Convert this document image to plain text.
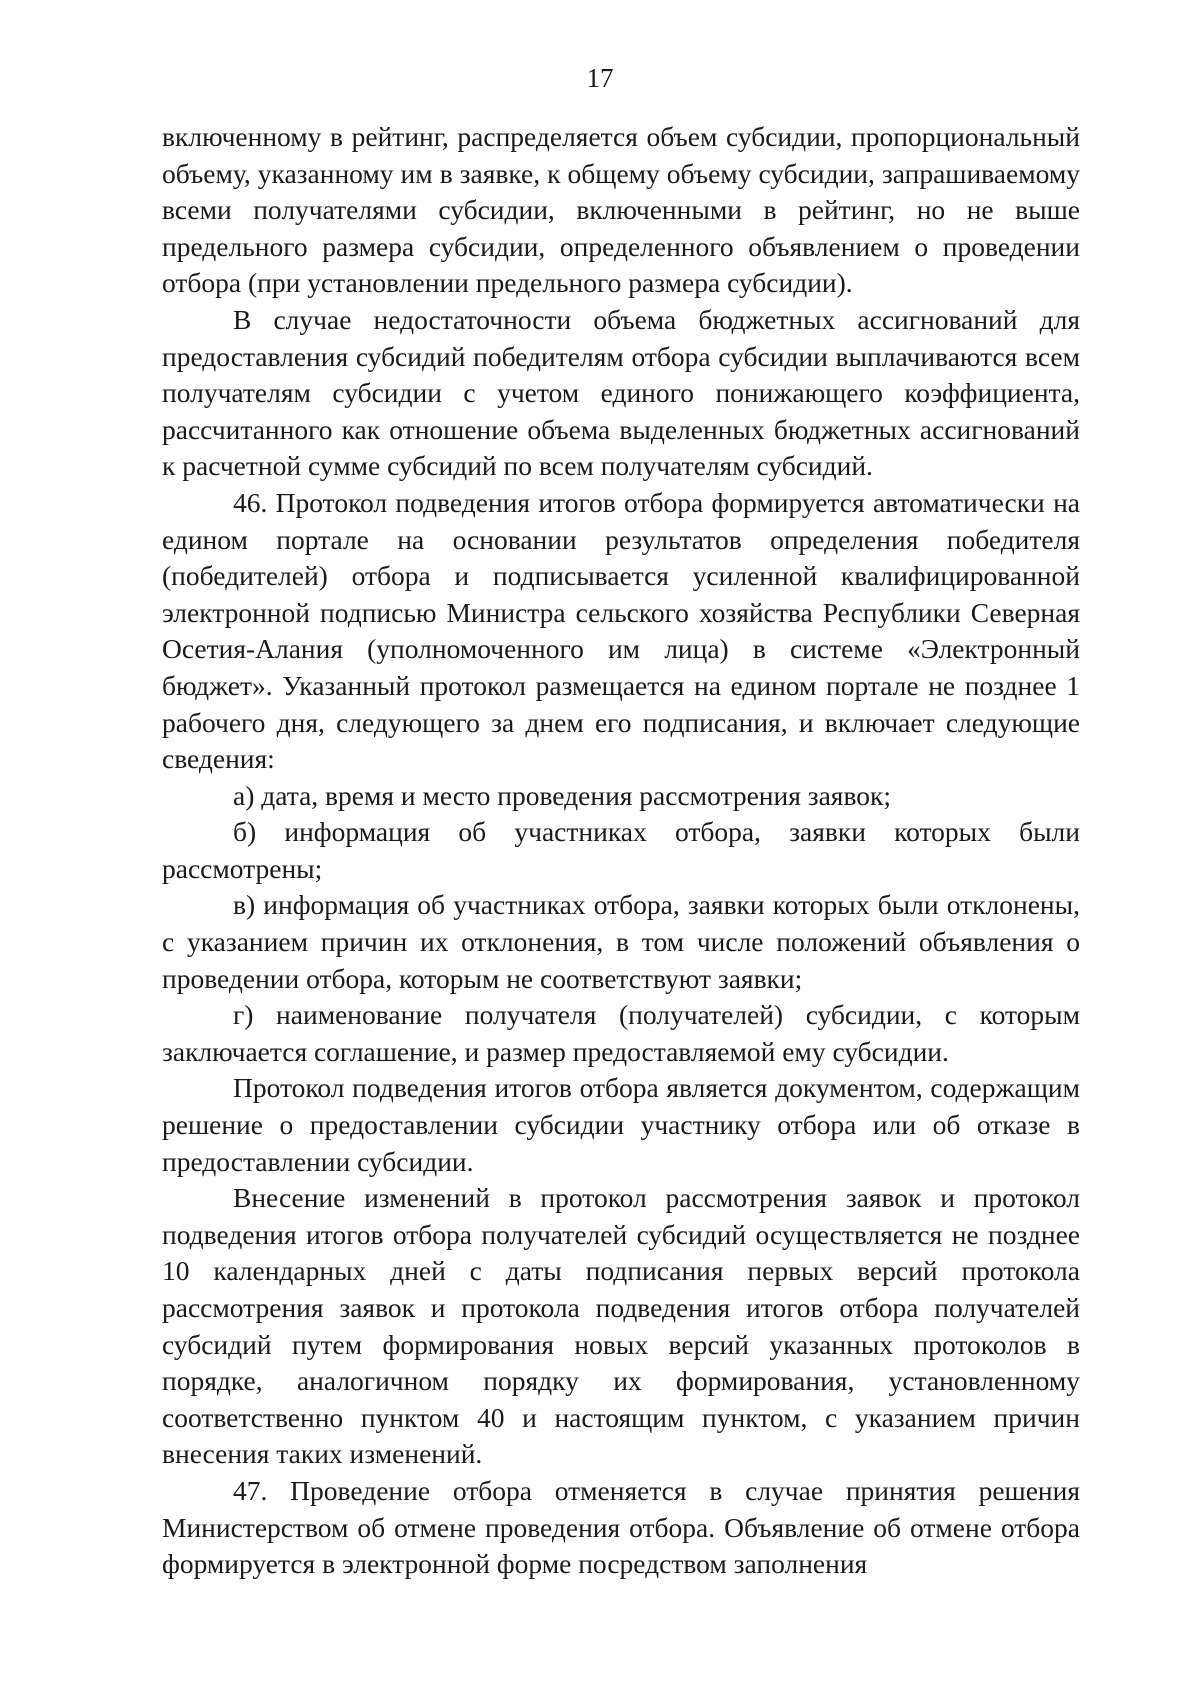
17

включенному в рейтинг, распределяется объем субсидии, пропорциональный объему, указанному им в заявке, к общему объему субсидии, запрашиваемому всеми получателями субсидии, включенными в рейтинг, но не выше предельного размера субсидии, определенного объявлением о проведении отбора (при установлении предельного размера субсидии).

В случае недостаточности объема бюджетных ассигнований для предоставления субсидий победителям отбора субсидии выплачиваются всем получателям субсидии с учетом единого понижающего коэффициента, рассчитанного как отношение объема выделенных бюджетных ассигнований к расчетной сумме субсидий по всем получателям субсидий.

46. Протокол подведения итогов отбора формируется автоматически на едином портале на основании результатов определения победителя (победителей) отбора и подписывается усиленной квалифицированной электронной подписью Министра сельского хозяйства Республики Северная Осетия-Алания (уполномоченного им лица) в системе «Электронный бюджет». Указанный протокол размещается на едином портале не позднее 1 рабочего дня, следующего за днем его подписания, и включает следующие сведения:

а) дата, время и место проведения рассмотрения заявок;

б) информация об участниках отбора, заявки которых были рассмотрены;

в) информация об участниках отбора, заявки которых были отклонены, с указанием причин их отклонения, в том числе положений объявления о проведении отбора, которым не соответствуют заявки;

г) наименование получателя (получателей) субсидии, с которым заключается соглашение, и размер предоставляемой ему субсидии.

Протокол подведения итогов отбора является документом, содержащим решение о предоставлении субсидии участнику отбора или об отказе в предоставлении субсидии.

Внесение изменений в протокол рассмотрения заявок и протокол подведения итогов отбора получателей субсидий осуществляется не позднее 10 календарных дней с даты подписания первых версий протокола рассмотрения заявок и протокола подведения итогов отбора получателей субсидий путем формирования новых версий указанных протоколов в порядке, аналогичном порядку их формирования, установленному соответственно пунктом 40 и настоящим пунктом, с указанием причин внесения таких изменений.

47. Проведение отбора отменяется в случае принятия решения Министерством об отмене проведения отбора. Объявление об отмене отбора формируется в электронной форме посредством заполнения
